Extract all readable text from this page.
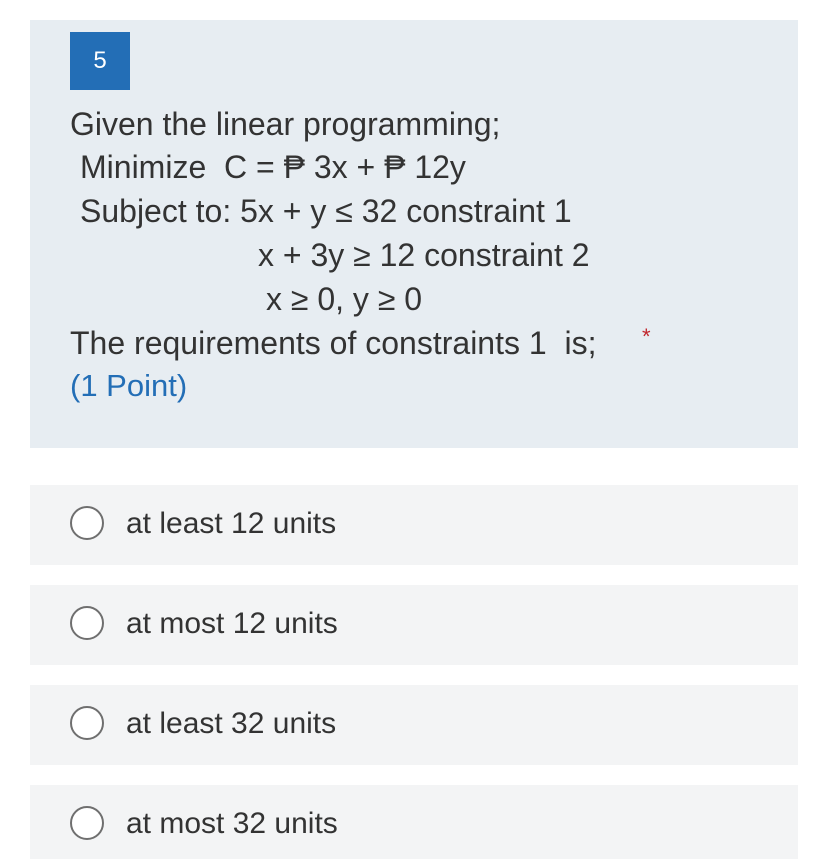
5

Given the linear programming;

Minimize  C = ₱ 3x + ₱ 12y

Subject to: 5x + y ≤ 32 constraint 1

x + 3y ≥ 12 constraint 2

x ≥ 0, y ≥ 0

The requirements of constraints 1  is; *

(1 Point)

at least 12 units
at most 12 units
at least 32 units
at most 32 units
